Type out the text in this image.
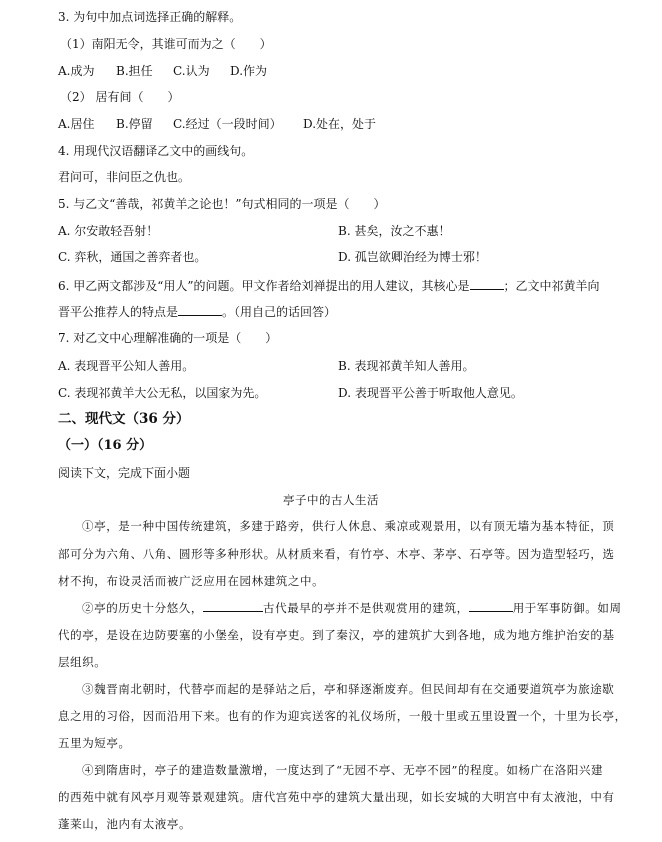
3. 为句中加点词选择正确的解释。
（1）南阳无令，其谁可而为之（　　）
A.成为 B.担任 C.认为 D.作为
（2） 居有间（　　）
A.居住 B.停留 C.经过（一段时间） D.处在，处于
4. 用现代汉语翻译乙文中的画线句。
君问可，非问臣之仇也。
5. 与乙文“善哉，祁黄羊之论也！”句式相同的一项是（　　）
A. 尔安敢轻吾射！	B. 甚矣，汝之不惠！
C. 弈秋，通国之善弈者也。	D. 孤岂欲卿治经为博士邪！
6. 甲乙两文都涉及“用人”的问题。甲文作者给刘禅提出的用人建议，其核心是	；乙文中祁黄羊向
晋平公推荐人的特点是	。（用自己的话回答）
7. 对乙文中心理解准确的一项是（　　）
A. 表现晋平公知人善用。	B. 表现祁黄羊知人善用。
C. 表现祁黄羊大公无私，以国家为先。	D. 表现晋平公善于听取他人意见。
二、现代文（36 分）
（一）（16 分）
阅读下文，完成下面小题
亭子中的古人生活
①亭，是一种中国传统建筑，多建于路旁，供行人休息、乘凉或观景用，以有顶无墙为基本特征，顶
部可分为六角、八角、圆形等多种形状。从材质来看，有竹亭、木亭、茅亭、石亭等。因为造型轻巧，选
材不拘，布设灵活而被广泛应用在园林建筑之中。
②亭的历史十分悠久，	古代最早的亭并不是供观赏用的建筑，	用于军事防御。如周
代的亭，是设在边防要塞的小堡垒，设有亭吏。到了秦汉，亭的建筑扩大到各地，成为地方维护治安的基
层组织。
③魏晋南北朝时，代替亭而起的是驿站之后，亭和驿逐渐废弃。但民间却有在交通要道筑亭为旅途歇
息之用的习俗，因而沿用下来。也有的作为迎宾送客的礼仪场所，一般十里或五里设置一个，十里为长亭，
五里为短亭。
④到隋唐时，亭子的建造数量激增，一度达到了“无园不亭、无亭不园”的程度。如杨广在洛阳兴建
的西苑中就有风亭月观等景观建筑。唐代宫苑中亭的建筑大量出现，如长安城的大明宫中有太液池，中有
蓬莱山，池内有太液亭。
